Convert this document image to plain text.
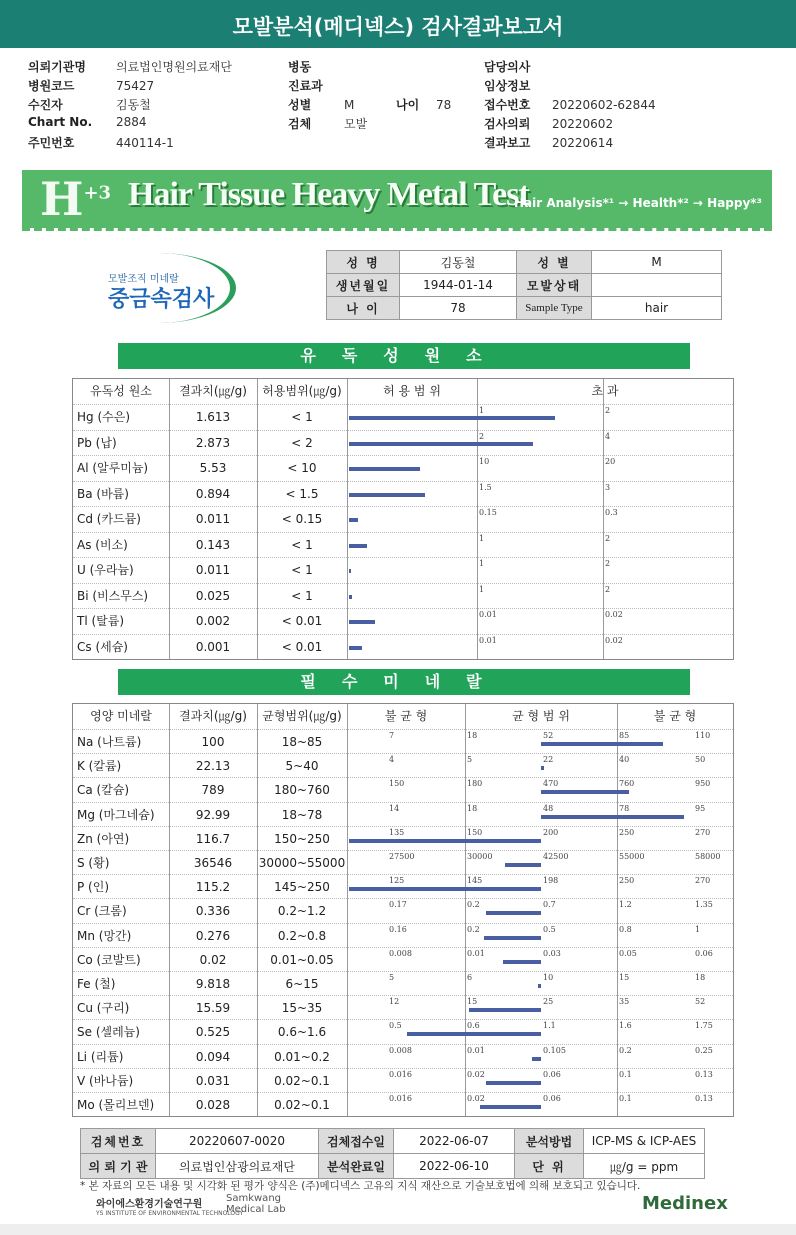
모발분석(메디넥스) 검사결과보고서
의뢰기관명	의료법인명원의료재단
병원코드	75427
수진자	김동철
Chart No. 2884
주민번호	440114-1
병동
진료과
성별	M
검체	모발
나이 78
담당의사
임상정보
접수번호 20220602-62844
검사의뢰 20220602
결과보고 20220614
$H^{+3}$ Hair Tissue Heavy Metal Test
Hair Analysis*¹ → Health*² → Happy*³
모발조직 미네랄
중금속검사
성 명	김동철	성 별	M
생년월일	1944-01-14	모발상태	
나 이	78	Sample Type	hair
유독성원소
유독성 원소	결과치(㎍/g)	허용범위(㎍/g)	허 용 범 위	초 과
Hg (수은)	1.613	< 1	1	2
Pb (납)	2.873	< 2	2	4
Al (알루미늄)	5.53	< 10	10	20
Ba (바륨)	0.894	< 1.5	1.5	3
Cd (카드뮴)	0.011	< 0.15	0.15	0.3
As (비소)	0.143	< 1	1	2
U (우라늄)	0.011	< 1	1	2
Bi (비스무스)	0.025	< 1	1	2
Tl (탈륨)	0.002	< 0.01	0.01	0.02
Cs (세슘)	0.001	< 0.01	0.01	0.02
필수미네랄
영양 미네랄	결과치(㎍/g)	균형범위(㎍/g)	불 균 형	균 형 범 위	불 균 형
Na (나트륨)	100	18~85	7	18	52	85	110
K (칼륨)	22.13	5~40	4	5	22	40	50
Ca (칼슘)	789	180~760	150	180	470	760	950
Mg (마그네슘)	92.99	18~78	14	18	48	78	95
Zn (아연)	116.7	150~250	135	150	200	250	270
S (황)	36546	30000~55000	27500	30000	42500	55000	58000
P (인)	115.2	145~250	125	145	198	250	270
Cr (크롬)	0.336	0.2~1.2	0.17	0.2	0.7	1.2	1.35
Mn (망간)	0.276	0.2~0.8	0.16	0.2	0.5	0.8	1
Co (코발트)	0.02	0.01~0.05	0.008	0.01	0.03	0.05	0.06
Fe (철)	9.818	6~15	5	6	10	15	18
Cu (구리)	15.59	15~35	12	15	25	35	52
Se (셀레늄)	0.525	0.6~1.6	0.5	0.6	1.1	1.6	1.75
Li (리튬)	0.094	0.01~0.2	0.008	0.01	0.105	0.2	0.25
V (바나듐)	0.031	0.02~0.1	0.016	0.02	0.06	0.1	0.13
Mo (몰리브덴)	0.028	0.02~0.1	0.016	0.02	0.06	0.1	0.13
검체번호	20220607-0020	검체접수일	2022-06-07	분석방법	ICP-MS & ICP-AES
의 뢰 기 관	의료법인삼광의료재단	분석완료일	2022-06-10	단 위	㎍/g = ppm
* 본 자료의 모든 내용 및 시각화 된 평가 양식은 (주)메디넥스 고유의 지식 재산으로 기술보호법에 의해 보호되고 있습니다.
와이에스환경기술연구원
YS INSTITUTE OF ENVIRONMENTAL TECHNOLOGY
Samkwang
Medical Lab	Medinex
